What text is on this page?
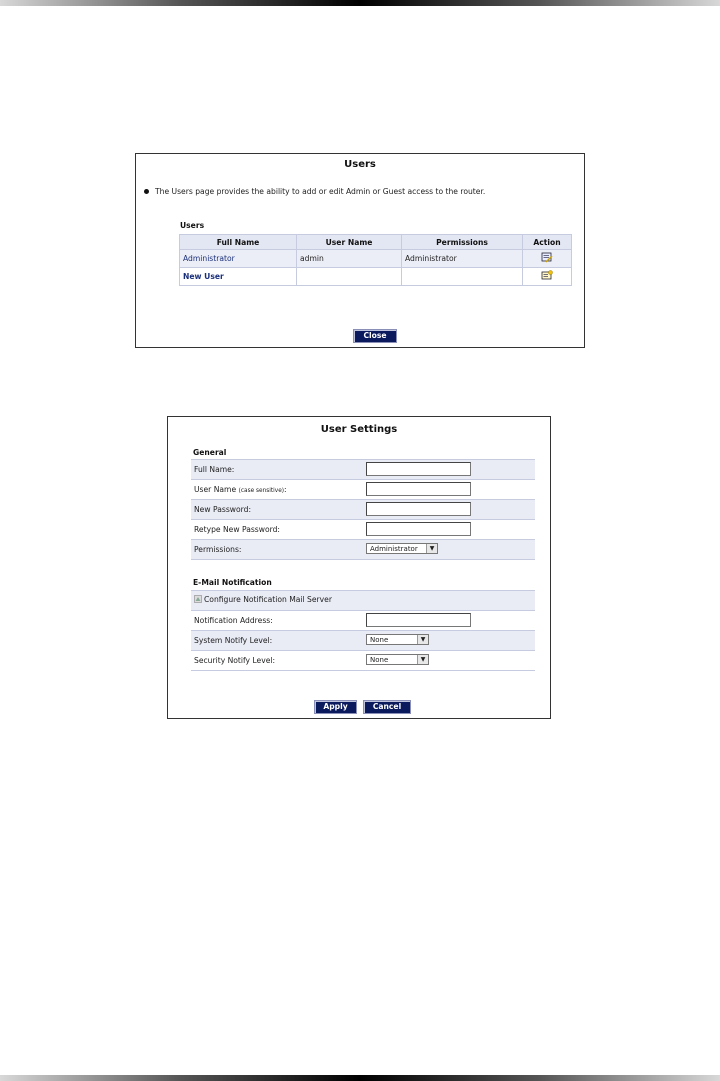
Users
The Users page provides the ability to add or edit Admin or Guest access to the router.
Users
Full Name	User Name	Permissions	Action
Administrator	admin	Administrator	
New User			
Close
User Settings
General
Full Name:
User Name (case sensitive):
New Password:
Retype New Password:
Permissions:	Administrator	▼
E-Mail Notification
Configure Notification Mail Server
Notification Address:
System Notify Level:	None	▼
Security Notify Level:	None	▼
Apply	Cancel
